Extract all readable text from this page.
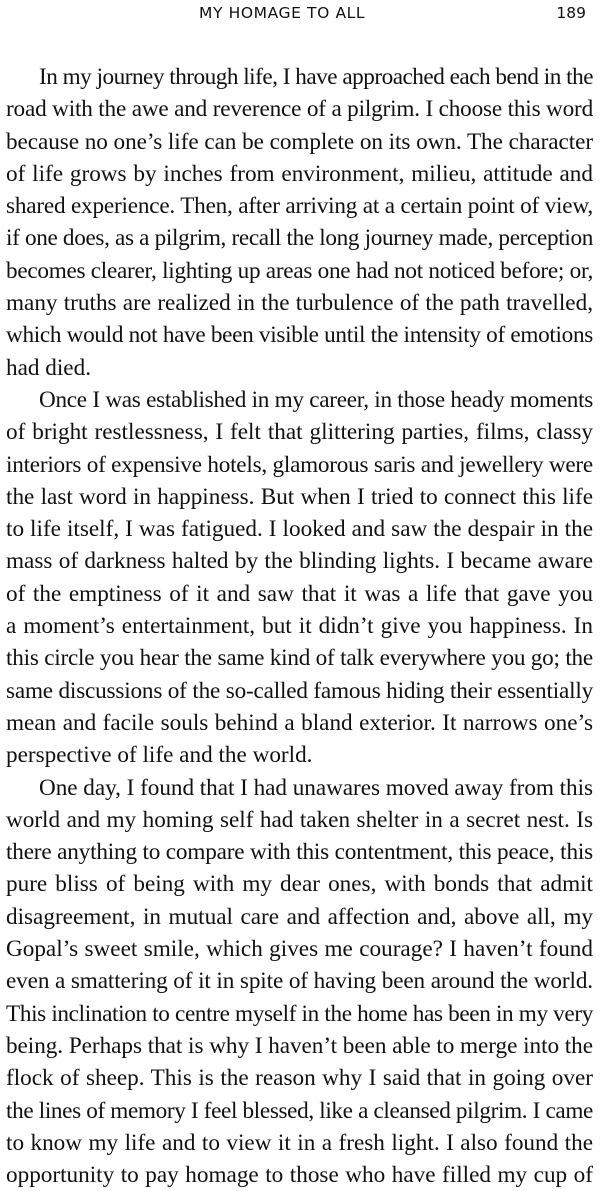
MY HOMAGE TO ALL	189
In my journey through life, I have approached each bend in the
road with the awe and reverence of a pilgrim. I choose this word
because no one’s life can be complete on its own. The character
of life grows by inches from environment, milieu, attitude and
shared experience. Then, after arriving at a certain point of view,
if one does, as a pilgrim, recall the long journey made, perception
becomes clearer, lighting up areas one had not noticed before; or,
many truths are realized in the turbulence of the path travelled,
which would not have been visible until the intensity of emotions
had died.
Once I was established in my career, in those heady moments
of bright restlessness, I felt that glittering parties, films, classy
interiors of expensive hotels, glamorous saris and jewellery were
the last word in happiness. But when I tried to connect this life
to life itself, I was fatigued. I looked and saw the despair in the
mass of darkness halted by the blinding lights. I became aware
of the emptiness of it and saw that it was a life that gave you
a moment’s entertainment, but it didn’t give you happiness. In
this circle you hear the same kind of talk everywhere you go; the
same discussions of the so-called famous hiding their essentially
mean and facile souls behind a bland exterior. It narrows one’s
perspective of life and the world.
One day, I found that I had unawares moved away from this
world and my homing self had taken shelter in a secret nest. Is
there anything to compare with this contentment, this peace, this
pure bliss of being with my dear ones, with bonds that admit
disagreement, in mutual care and affection and, above all, my
Gopal’s sweet smile, which gives me courage? I haven’t found
even a smattering of it in spite of having been around the world.
This inclination to centre myself in the home has been in my very
being. Perhaps that is why I haven’t been able to merge into the
flock of sheep. This is the reason why I said that in going over
the lines of memory I feel blessed, like a cleansed pilgrim. I came
to know my life and to view it in a fresh light. I also found the
opportunity to pay homage to those who have filled my cup of
